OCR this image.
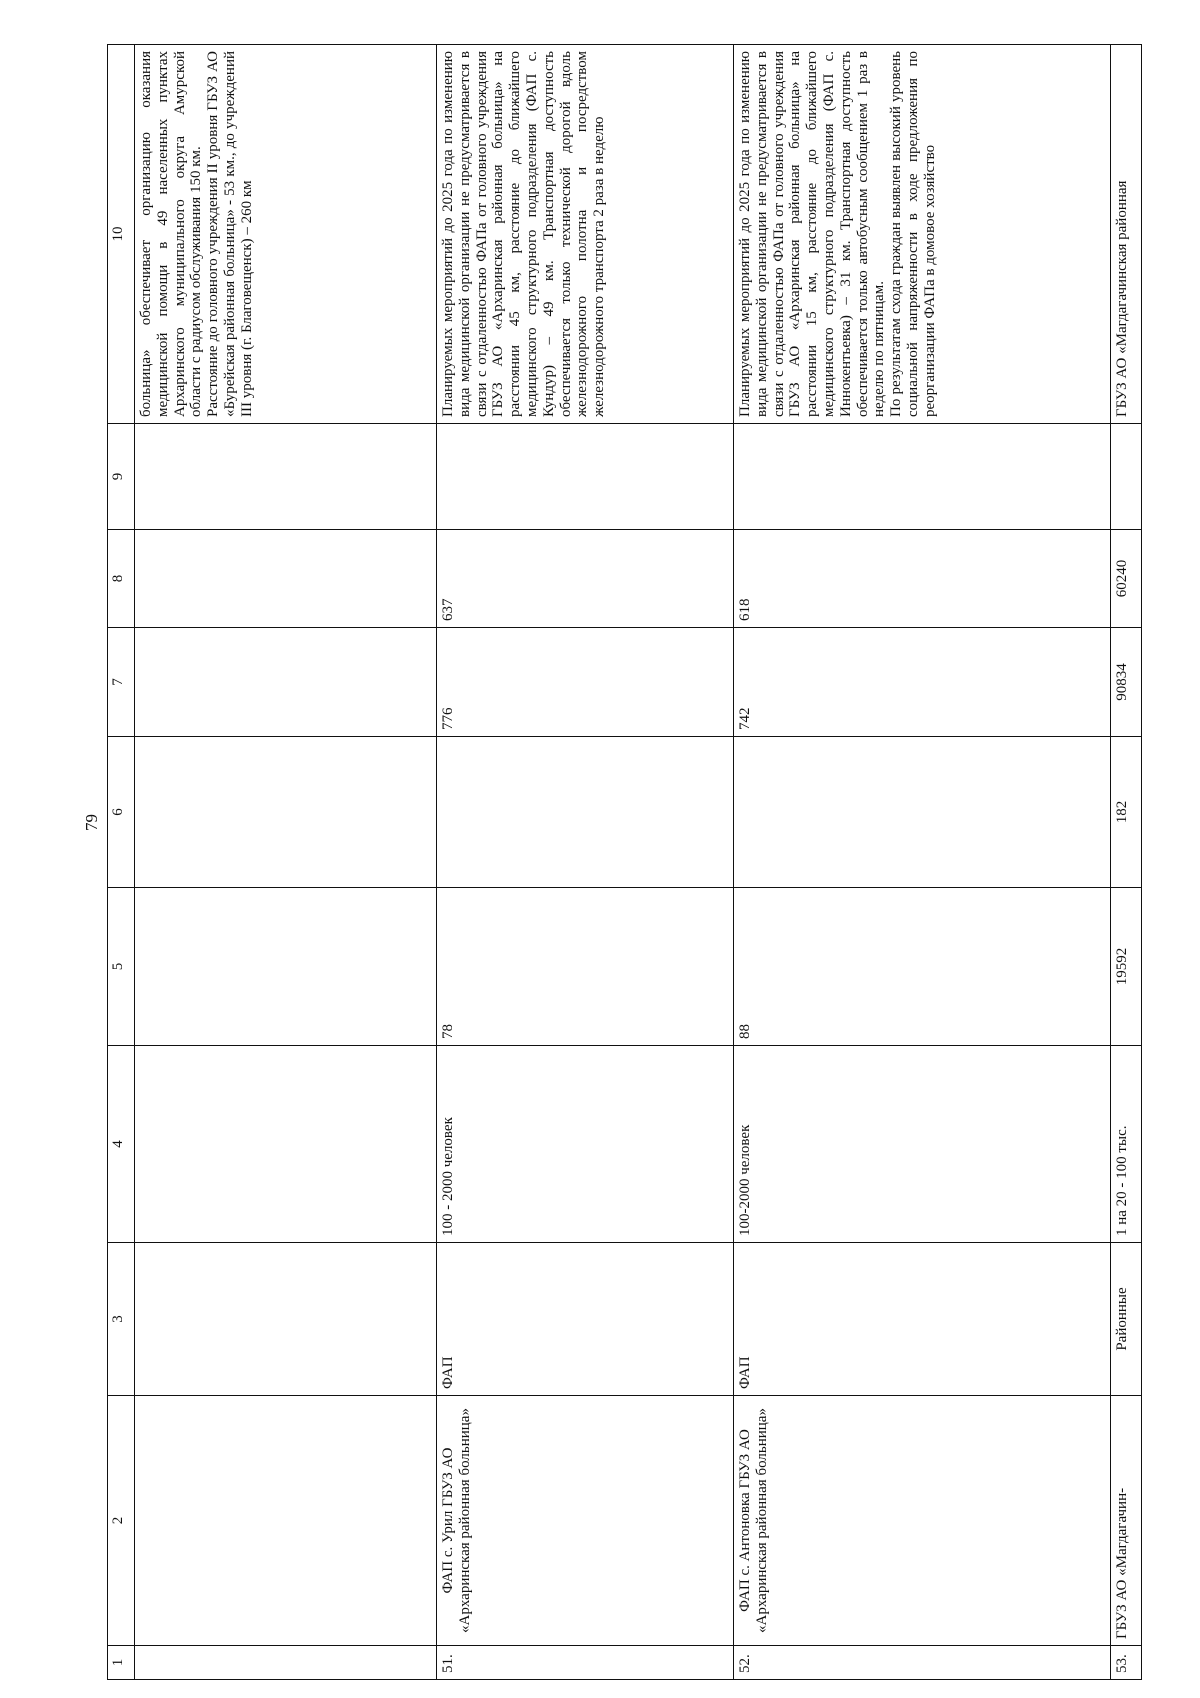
79
1	2	3	4	5	6	7	8	9	10

									больница» обеспечивает организацию оказания медицинской помощи в 49 населенных пунктах Архаринского муниципального округа Амурской области с радиусом обслуживания 150 км. Расстояние до головного учреждения II уровня ГБУЗ АО «Бурейская районная больница» - 53 км., до учреждений III уровня (г. Благовещенск) – 260 км

51.	ФАП с. Урил ГБУЗ АО «Архаринская районная больница»	ФАП	100 - 2000 человек	78		776	637		Планируемых мероприятий до 2025 года по изменению вида медицинской организации не предусматривается в связи с отдаленностью ФАПа от головного учреждения ГБУЗ АО «Архаринская районная больница» на расстоянии 45 км, расстояние до ближайшего медицинского структурного подразделения (ФАП с. Кундур) – 49 км. Транспортная доступность обеспечивается только технической дорогой вдоль железнодорожного полотна и посредством железнодорожного транспорта 2 раза в неделю

52.	ФАП с. Антоновка ГБУЗ АО «Архаринская районная больница»	ФАП	100-2000 человек	88		742	618		Планируемых мероприятий до 2025 года по изменению вида медицинской организации не предусматривается в связи с отдаленностью ФАПа от головного учреждения ГБУЗ АО «Архаринская районная больница» на расстоянии 15 км, расстояние до ближайшего медицинского структурного подразделения (ФАП с. Иннокентьевка) – 31 км. Транспортная доступность обеспечивается только автобусным сообщением 1 раз в неделю по пятницам. По результатам схода граждан выявлен высокий уровень социальной напряженности в ходе предложения по реорганизации ФАПа в домовое хозяйство

53.	ГБУЗ АО «Магдагачин-	Районные	1 на 20 - 100 тыс.	19592	182	90834	60240		ГБУЗ АО «Магдагачинская районная
